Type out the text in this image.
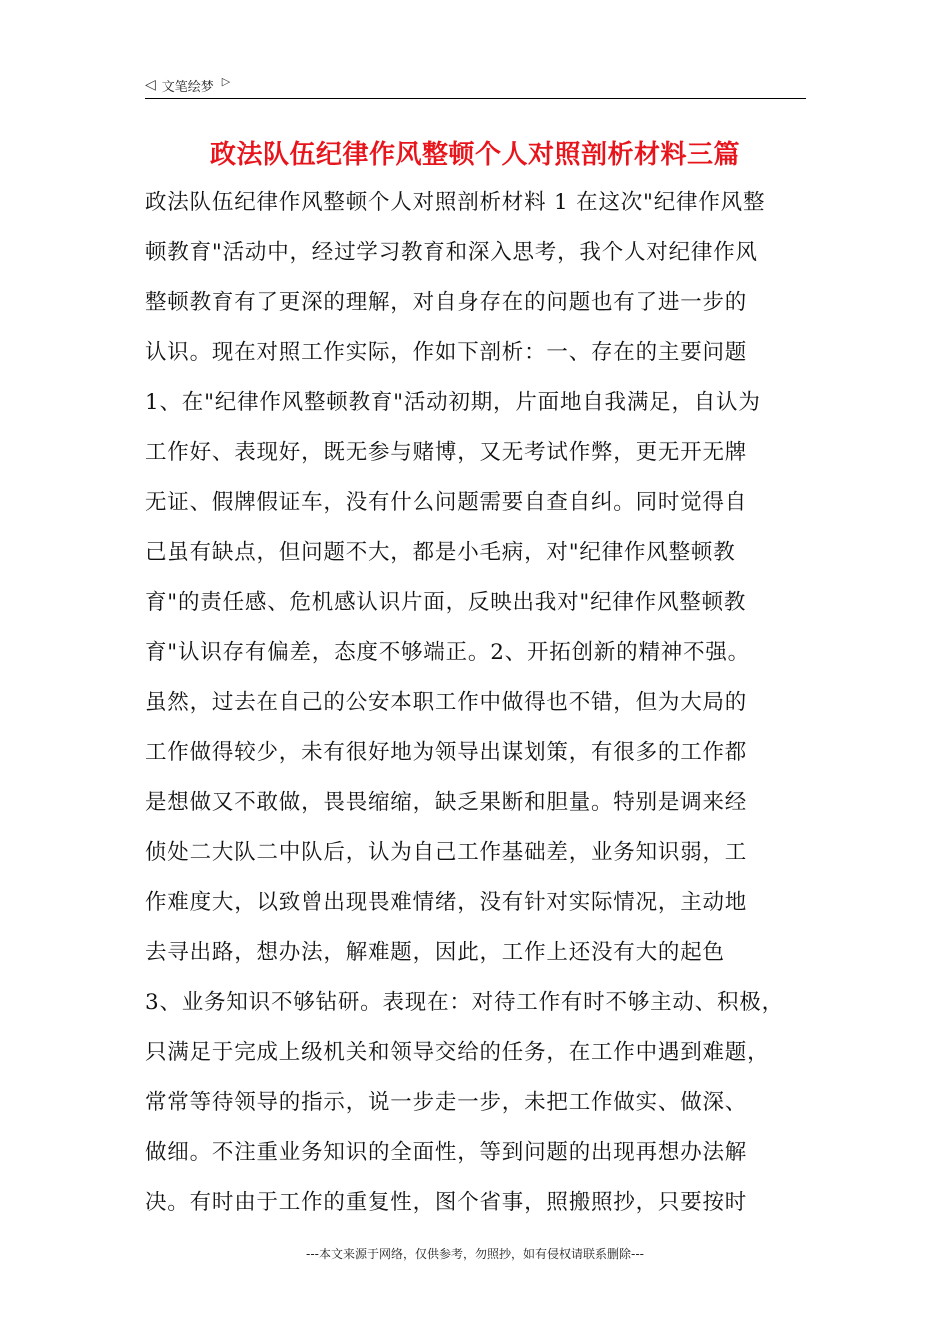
◁ 文笔绘梦 ▷
政法队伍纪律作风整顿个人对照剖析材料三篇
政法队伍纪律作风整顿个人对照剖析材料 1 在这次"纪律作风整
顿教育"活动中，经过学习教育和深入思考，我个人对纪律作风
整顿教育有了更深的理解，对自身存在的问题也有了进一步的
认识。现在对照工作实际，作如下剖析：一、存在的主要问题
1、在"纪律作风整顿教育"活动初期，片面地自我满足，自认为
工作好、表现好，既无参与赌博，又无考试作弊，更无开无牌
无证、假牌假证车，没有什么问题需要自查自纠。同时觉得自
己虽有缺点，但问题不大，都是小毛病，对"纪律作风整顿教
育"的责任感、危机感认识片面，反映出我对"纪律作风整顿教
育"认识存有偏差，态度不够端正。2、开拓创新的精神不强。
虽然，过去在自己的公安本职工作中做得也不错，但为大局的
工作做得较少，未有很好地为领导出谋划策，有很多的工作都
是想做又不敢做，畏畏缩缩，缺乏果断和胆量。特别是调来经
侦处二大队二中队后，认为自己工作基础差，业务知识弱，工
作难度大，以致曾出现畏难情绪，没有针对实际情况，主动地
去寻出路，想办法，解难题，因此，工作上还没有大的起色
3、业务知识不够钻研。表现在：对待工作有时不够主动、积极，
只满足于完成上级机关和领导交给的任务，在工作中遇到难题，
常常等待领导的指示，说一步走一步，未把工作做实、做深、
做细。不注重业务知识的全面性，等到问题的出现再想办法解
决。有时由于工作的重复性，图个省事，照搬照抄，只要按时
---本文来源于网络，仅供参考，勿照抄，如有侵权请联系删除---
